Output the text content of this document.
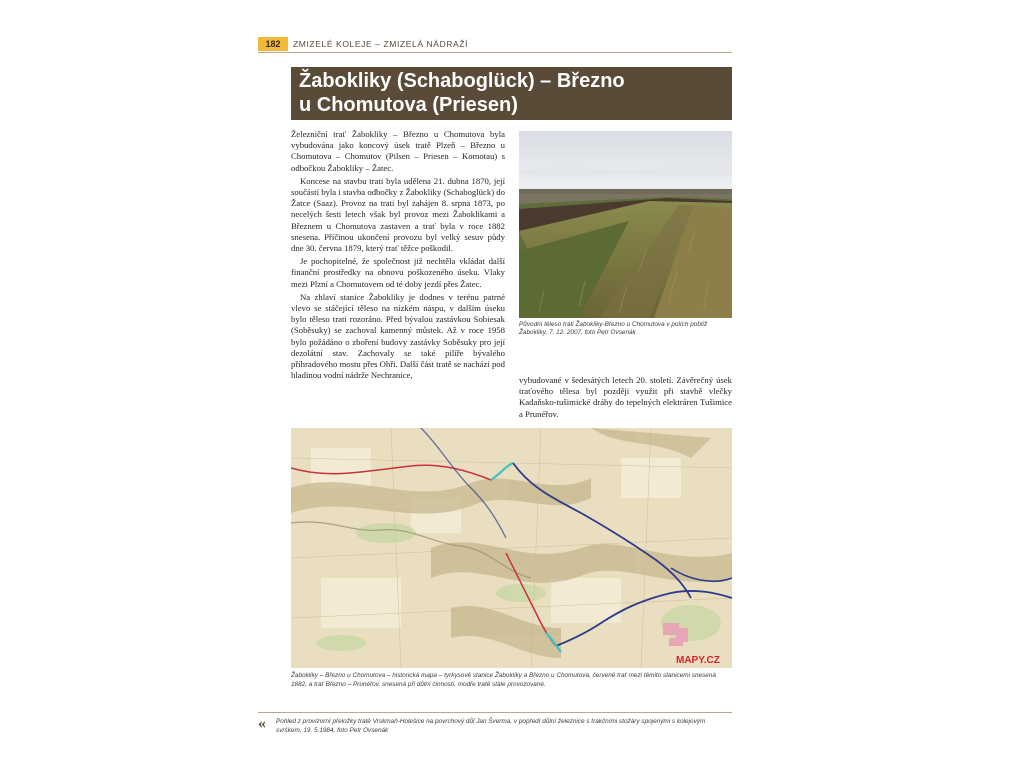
182	ZMIZELÉ KOLEJE – ZMIZELÁ NÁDRAŽÍ
Žabokliky (Schaboglück) – Březno
u Chomutova (Priesen)

Železniční trať Žabokliky – Březno u Chomutova byla vybudována jako koncový úsek tratě Plzeň – Březno u Chomutova – Chomutov (Pilsen – Priesen – Komotau) s odbočkou Žabokliky – Žatec.

Koncese na stavbu trati byla udělena 21. dubna 1870, její součástí byla i stavba odbočky z Žabokliky (Schaboglück) do Žatce (Saaz). Provoz na trati byl zahájen 8. srpna 1873, po necelých šesti letech však byl provoz mezi Žaboklikami a Březnem u Chomutova zastaven a trať byla v roce 1882 snesena. Příčinou ukončení provozu byl velký sesuv půdy dne 30. června 1879, který trať těžce poškodil.

Je pochopitelné, že společnost již nechtěla vkládat další finanční prostředky na obnovu poškozeného úseku. Vlaky mezi Plzní a Chomutovem od té doby jezdí přes Žatec.

Na zhlaví stanice Žabokliky je dodnes v terénu patrné vlevo se stáčející těleso na nízkém náspu, v dalším úseku bylo těleso trati rozoráno. Před bývalou zastávkou Sobiesak (Soběsuky) se zachoval kamenný můstek. Až v roce 1958 bylo požádáno o zboření budovy zastávky Soběsuky pro její dezolátní stav. Zachovaly se také pilíře bývalého příhradového mostu přes Ohři. Další část tratě se nachází pod hladinou vodní nádrže Nechranice,

Původní těleso trati Žabokliky-Březno u Chomutova v polích poblíž Žabokliky, 7. 12. 2007, foto Petr Ovsenák

vybudované v šedesátých letech 20. století. Závěrečný úsek traťového tělesa byl později využit při stavbě vlečky Kadaňsko-tušimické dráhy do tepelných elektráren Tušimice a Prunéřov.

MAPY.CZ
Žabokliky – Březno u Chomutova – historická mapa – tyrkysově stanice Žabokliky a Březno u Chomutova, červeně trať mezi těmito stanicemi snesená 1882, a trať Březno – Prunéřov, snesená při důlní činnosti, modře tratě stále provozované.
« Pohled z provizorní přeložky tratě Vrskmaň-Holešice na povrchový důl Jan Šverma, v popředí důlní železnice s trakčními stožáry spojenými s kolejovým svrškem, 19. 5.1984, foto Petr Ovsenák
